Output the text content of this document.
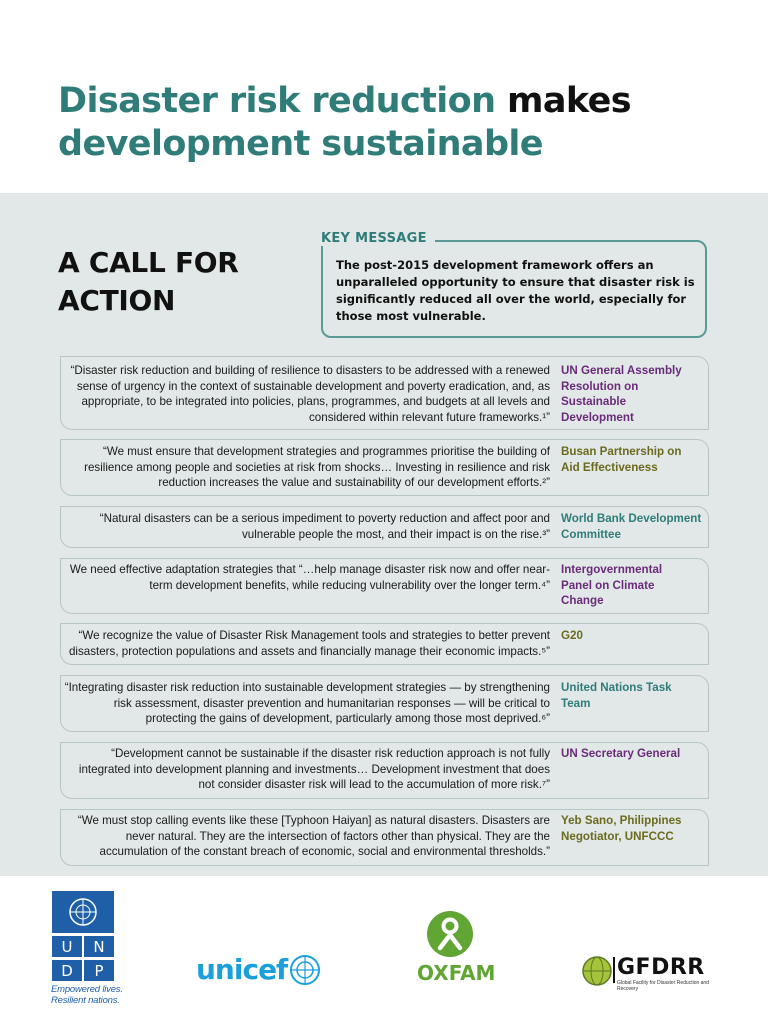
Disaster risk reduction makes
development sustainable
A CALL FOR
ACTION
KEY MESSAGE

The post-2015 development framework offers an unparalleled opportunity to ensure that disaster risk is significantly reduced all over the world, especially for those most vulnerable.

“Disaster risk reduction and building of resilience to disasters to be addressed with a renewed sense of urgency in the context of sustainable development and poverty eradication, and, as appropriate, to be integrated into policies, plans, programmes, and budgets at all levels and considered within relevant future frameworks.¹”
UN General Assembly Resolution on Sustainable Development
“We must ensure that development strategies and programmes prioritise the building of resilience among people and societies at risk from shocks… Investing in resilience and risk reduction increases the value and sustainability of our development efforts.²”
Busan Partnership on Aid Effectiveness
“Natural disasters can be a serious impediment to poverty reduction and affect poor and vulnerable people the most, and their impact is on the rise.³”
World Bank Development Committee
We need effective adaptation strategies that “…help manage disaster risk now and offer near-term development benefits, while reducing vulnerability over the longer term.⁴”
Intergovernmental Panel on Climate Change
“We recognize the value of Disaster Risk Management tools and strategies to better prevent disasters, protection populations and assets and financially manage their economic impacts.⁵”
G20
“Integrating disaster risk reduction into sustainable development strategies — by strengthening risk assessment, disaster prevention and humanitarian responses — will be critical to protecting the gains of development, particularly among those most deprived.⁶”
United Nations Task Team
“Development cannot be sustainable if the disaster risk reduction approach is not fully integrated into development planning and investments… Development investment that does not consider disaster risk will lead to the accumulation of more risk.⁷”
UN Secretary General
“We must stop calling events like these [Typhoon Haiyan] as natural disasters. Disasters are never natural. They are the intersection of factors other than physical. They are the accumulation of the constant breach of economic, social and environmental thresholds.”
Yeb Sano, Philippines Negotiator, UNFCCC
U N
D P
Empowered lives.
Resilient nations.
unicef	OXFAM	GFDRR
Global Facility for Disaster Reduction and Recovery
